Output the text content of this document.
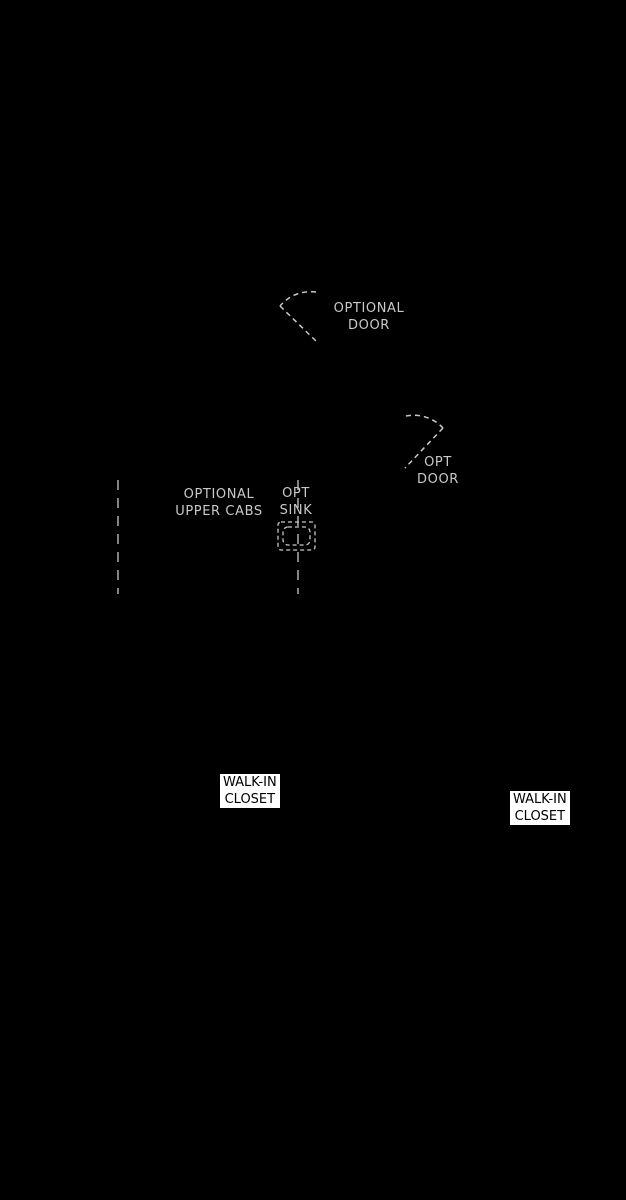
OPTIONAL
DOOR
OPT
DOOR
OPTIONAL
UPPER CABS
OPT
SINK
WALK-IN
CLOSET	WALK-IN
CLOSET
